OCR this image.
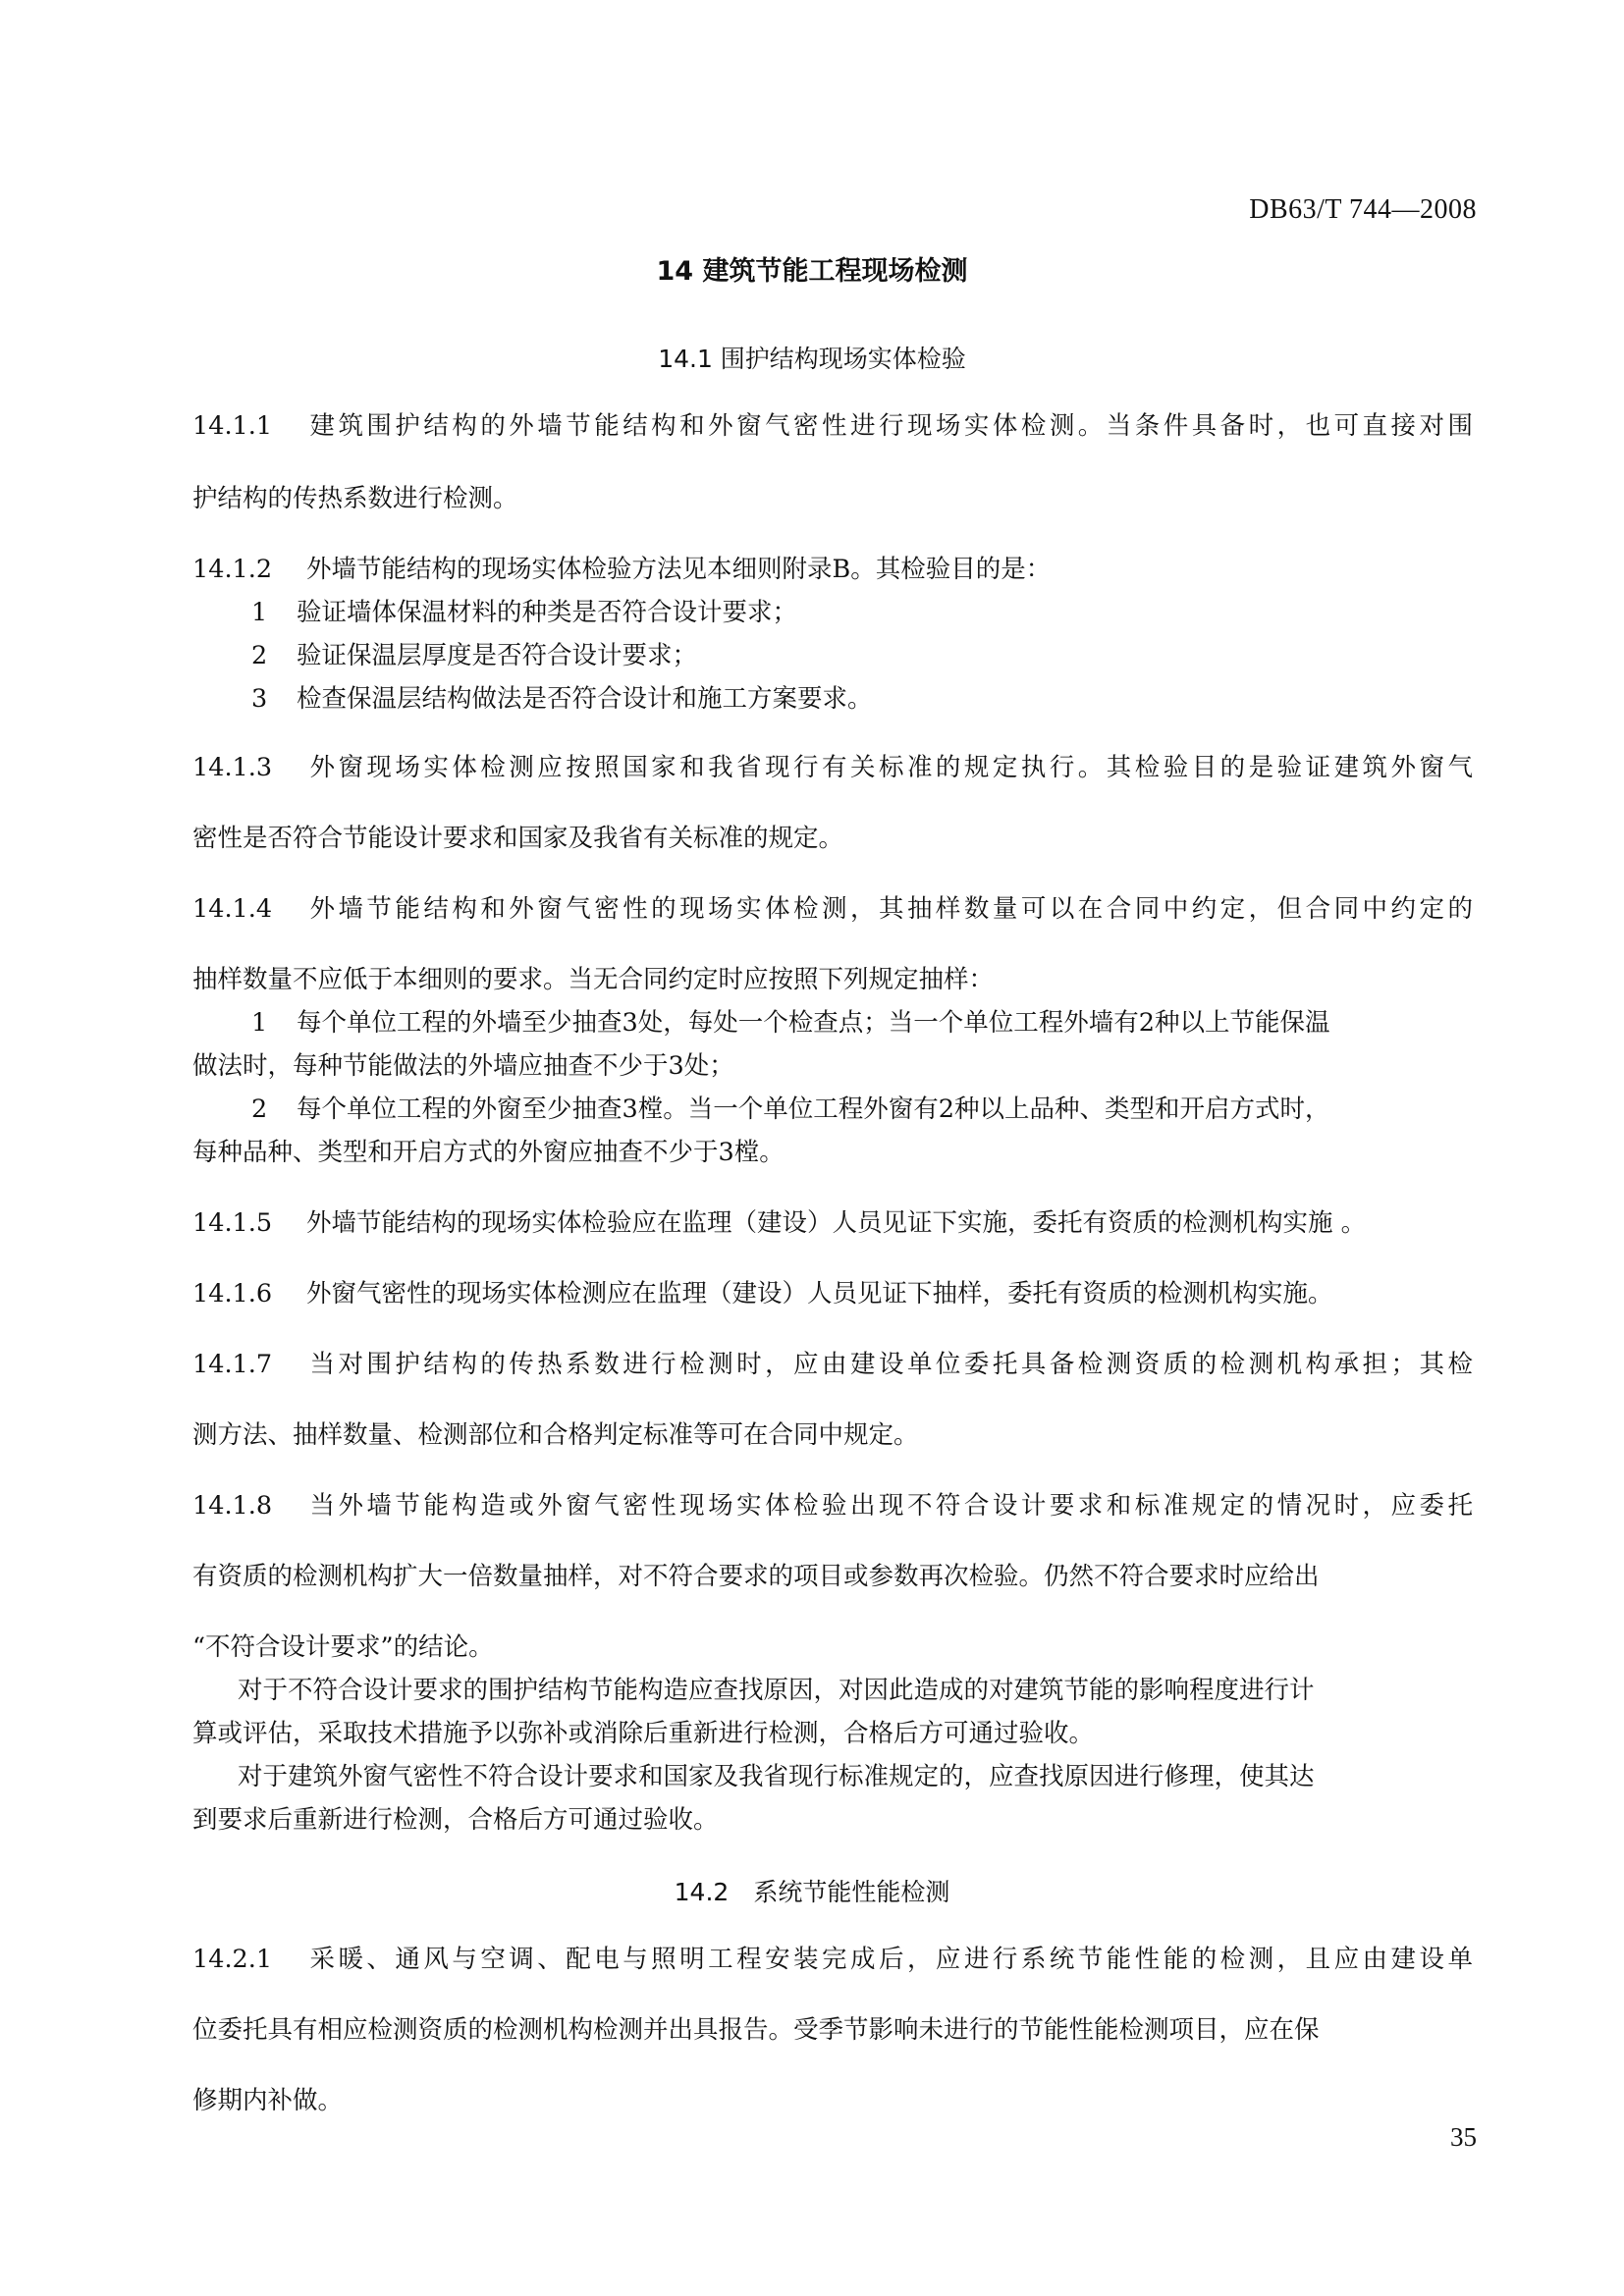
DB63/T 744—2008
14 建筑节能工程现场检测
14.1 围护结构现场实体检验
14.1.1 建筑围护结构的外墙节能结构和外窗气密性进行现场实体检测。当条件具备时，也可直接对围
护结构的传热系数进行检测。
14.1.2 外墙节能结构的现场实体检验方法见本细则附录B。其检验目的是：
1 验证墙体保温材料的种类是否符合设计要求；
2 验证保温层厚度是否符合设计要求；
3 检查保温层结构做法是否符合设计和施工方案要求。
14.1.3 外窗现场实体检测应按照国家和我省现行有关标准的规定执行。其检验目的是验证建筑外窗气
密性是否符合节能设计要求和国家及我省有关标准的规定。
14.1.4 外墙节能结构和外窗气密性的现场实体检测，其抽样数量可以在合同中约定，但合同中约定的
抽样数量不应低于本细则的要求。当无合同约定时应按照下列规定抽样：
1 每个单位工程的外墙至少抽查3处，每处一个检查点；当一个单位工程外墙有2种以上节能保温
做法时，每种节能做法的外墙应抽查不少于3处；
2 每个单位工程的外窗至少抽查3樘。当一个单位工程外窗有2种以上品种、类型和开启方式时，
每种品种、类型和开启方式的外窗应抽查不少于3樘。
14.1.5 外墙节能结构的现场实体检验应在监理（建设）人员见证下实施，委托有资质的检测机构实施 。
14.1.6 外窗气密性的现场实体检测应在监理（建设）人员见证下抽样，委托有资质的检测机构实施。
14.1.7 当对围护结构的传热系数进行检测时，应由建设单位委托具备检测资质的检测机构承担；其检
测方法、抽样数量、检测部位和合格判定标准等可在合同中规定。
14.1.8 当外墙节能构造或外窗气密性现场实体检验出现不符合设计要求和标准规定的情况时，应委托
有资质的检测机构扩大一倍数量抽样，对不符合要求的项目或参数再次检验。仍然不符合要求时应给出
“不符合设计要求”的结论。
对于不符合设计要求的围护结构节能构造应查找原因，对因此造成的对建筑节能的影响程度进行计
算或评估，采取技术措施予以弥补或消除后重新进行检测，合格后方可通过验收。
对于建筑外窗气密性不符合设计要求和国家及我省现行标准规定的，应查找原因进行修理，使其达
到要求后重新进行检测，合格后方可通过验收。
14.2　系统节能性能检测
14.2.1 采暖、通风与空调、配电与照明工程安装完成后，应进行系统节能性能的检测，且应由建设单
位委托具有相应检测资质的检测机构检测并出具报告。受季节影响未进行的节能性能检测项目，应在保
修期内补做。
35
